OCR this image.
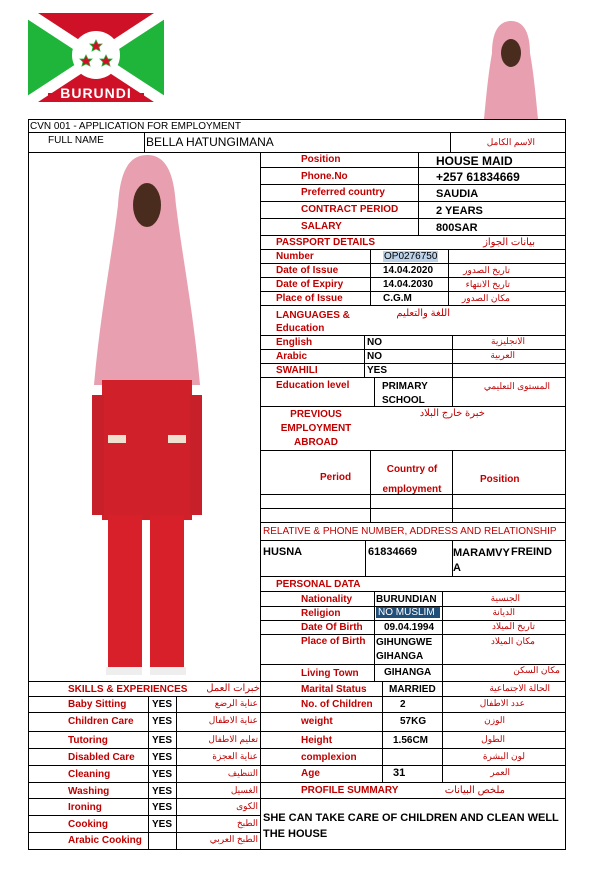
BURUNDI
CVN 001 - APPLICATION FOR EMPLOYMENT
FULL NAME	BELLA HATUNGIMANA	الاسم الكامل
Position	HOUSE MAID
Phone.No	+257 61834669
Preferred country	SAUDIA
CONTRACT PERIOD	2 YEARS
SALARY	800SAR
PASSPORT DETAILS	بيانات الجواز
Number	OP0276750
Date of Issue	14.04.2020	تاريخ الصدور
Date of Expiry	14.04.2030	تاريخ الانتهاء
Place of Issue	C.G.M	مكان الصدور
LANGUAGES & Education
اللغة والتعليم
English	NO	الانجليزية
Arabic	NO	العربية
SWAHILI	YES
Education level	PRIMARY SCHOOL
المستوى التعليمي
PREVIOUS EMPLOYMENT ABROAD
خبرة خارج البلاد
Period
Country of employment
Position
RELATIVE & PHONE NUMBER, ADDRESS AND RELATIONSHIP
HUSNA	61834669	MARAMVYA
FREIND
PERSONAL DATA
Nationality BURUNDIAN	الجنسية
Religion	NO MUSLIM	الديانة
Date Of Birth 09.04.1994	تاريخ الميلاد
Place of Birth GIHUNGWE GIHANGA
مكان الميلاد
Living Town	GIHANGA	مكان السكن
SKILLS & EXPERIENCES	خبرات العمل
Baby Sitting	YES	عناية الرضع
Children Care YES	عناية الاطفال
Tutoring	YES	تعليم الاطفال
Disabled Care YES	عناية العجزة
Cleaning	YES	التنظيف
Washing	YES	الغسيل
Ironing	YES	الكوى
Cooking	YES	الطبخ
Arabic Cooking	الطبخ العربي
Marital Status MARRIED	الحالة الاجتماعية
No. of Children	2	عدد الاطفال
weight	57KG	الوزن
Height	1.56CM	الطول
complexion	لون البشرة
Age	31	العمر
PROFILE SUMMARY	ملخص البيانات
SHE CAN TAKE CARE OF CHILDREN AND CLEAN WELL THE HOUSE
